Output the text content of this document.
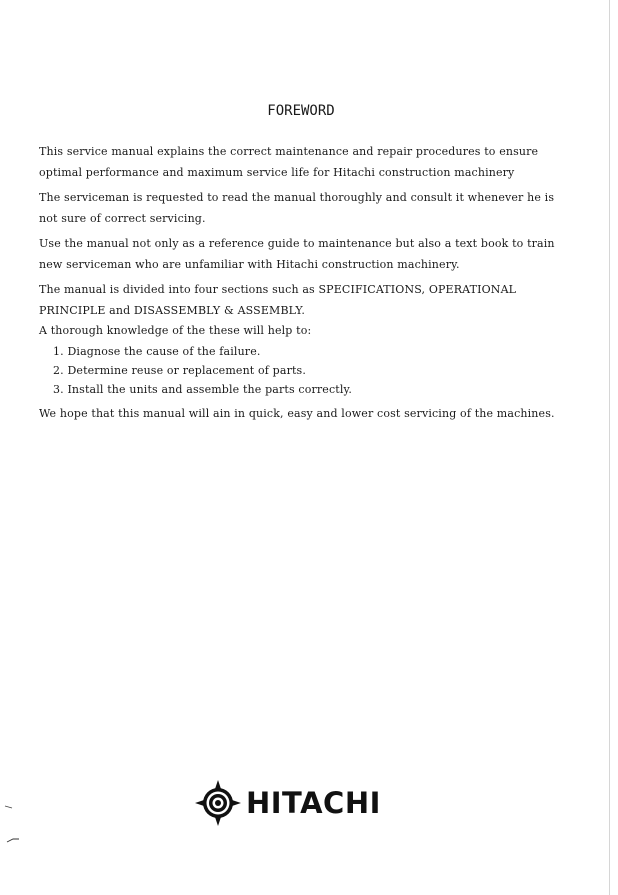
FOREWORD

This service manual explains the correct maintenance and repair procedures to ensure optimal performance and maximum service life for Hitachi construction machinery

The serviceman is requested to read the manual thoroughly and consult it whenever he is not sure of correct servicing.

Use the manual not only as a reference guide to maintenance but also a text book to train new serviceman who are unfamiliar with Hitachi construction machinery.

The manual is divided into four sections such as SPECIFICATIONS, OPERATIONAL PRINCIPLE and DISASSEMBLY & ASSEMBLY.

A thorough knowledge of the these will help to:

1. Diagnose the cause of the failure.
2. Determine reuse or replacement of parts.
3. Install the units and assemble the parts correctly.

We hope that this manual will ain in quick, easy and lower cost servicing of the machines.

HITACHI
